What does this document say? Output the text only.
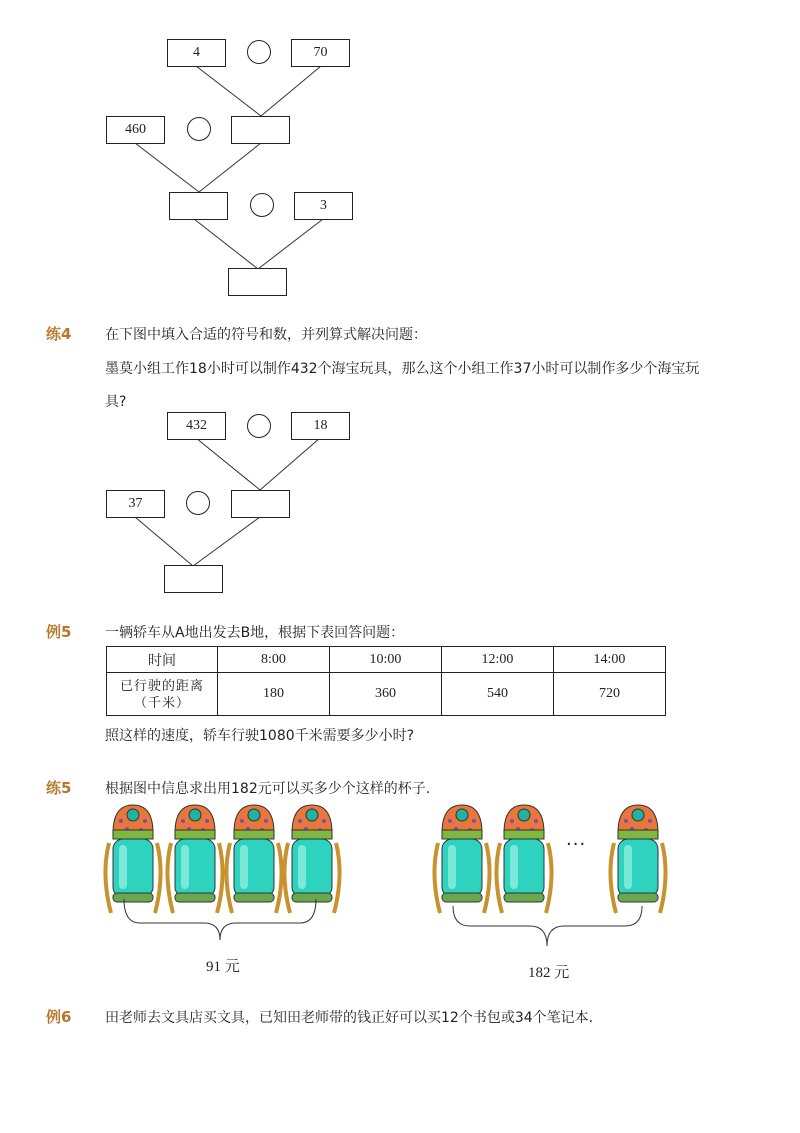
4	70
460
3
练4 在下图中填入合适的符号和数，并列算式解决问题：
墨莫小组工作18小时可以制作432个海宝玩具，那么这个小组工作37小时可以制作多少个海宝玩
具?
432	18
37
例5 一辆轿车从A地出发去B地，根据下表回答问题：
时间	8:00	10:00	12:00	14:00

已行驶的距离
（千米）	180	360	540	720
照这样的速度，轿车行驶1080千米需要多少小时?
练5 根据图中信息求出用182元可以买多少个这样的杯子.
···
91 元	182 元
例6 田老师去文具店买文具，已知田老师带的钱正好可以买12个书包或34个笔记本.
